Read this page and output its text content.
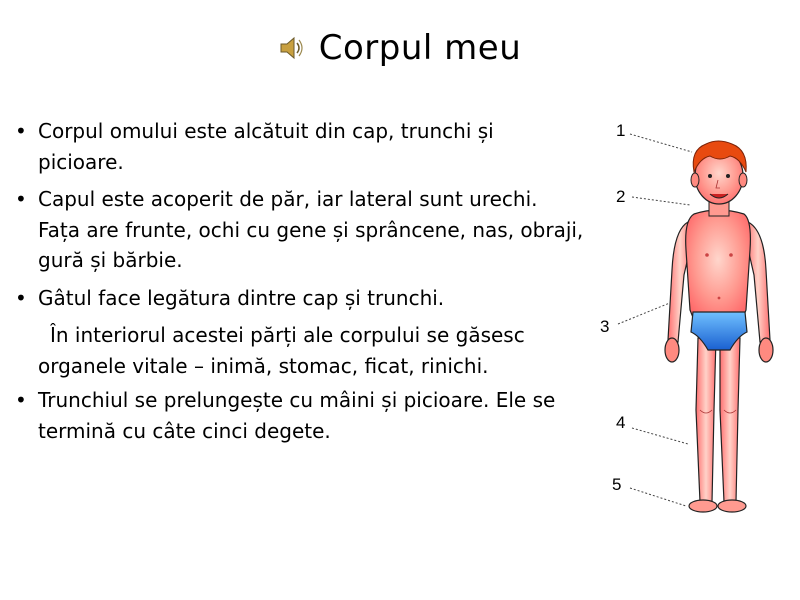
Corpul meu
• Corpul omului este alcătuit din cap, trunchi și picioare.
• Capul este acoperit de păr, iar lateral sunt urechi. Fața are frunte, ochi cu gene și sprâncene, nas, obraji, gură și bărbie.
• Gâtul face legătura dintre cap și trunchi.
În interiorul acestei părți ale corpului se găsesc organele vitale – inimă, stomac, ficat, rinichi.
• Trunchiul se prelungește cu mâini și picioare. Ele se termină cu câte cinci degete.
1
2
3
4
5
